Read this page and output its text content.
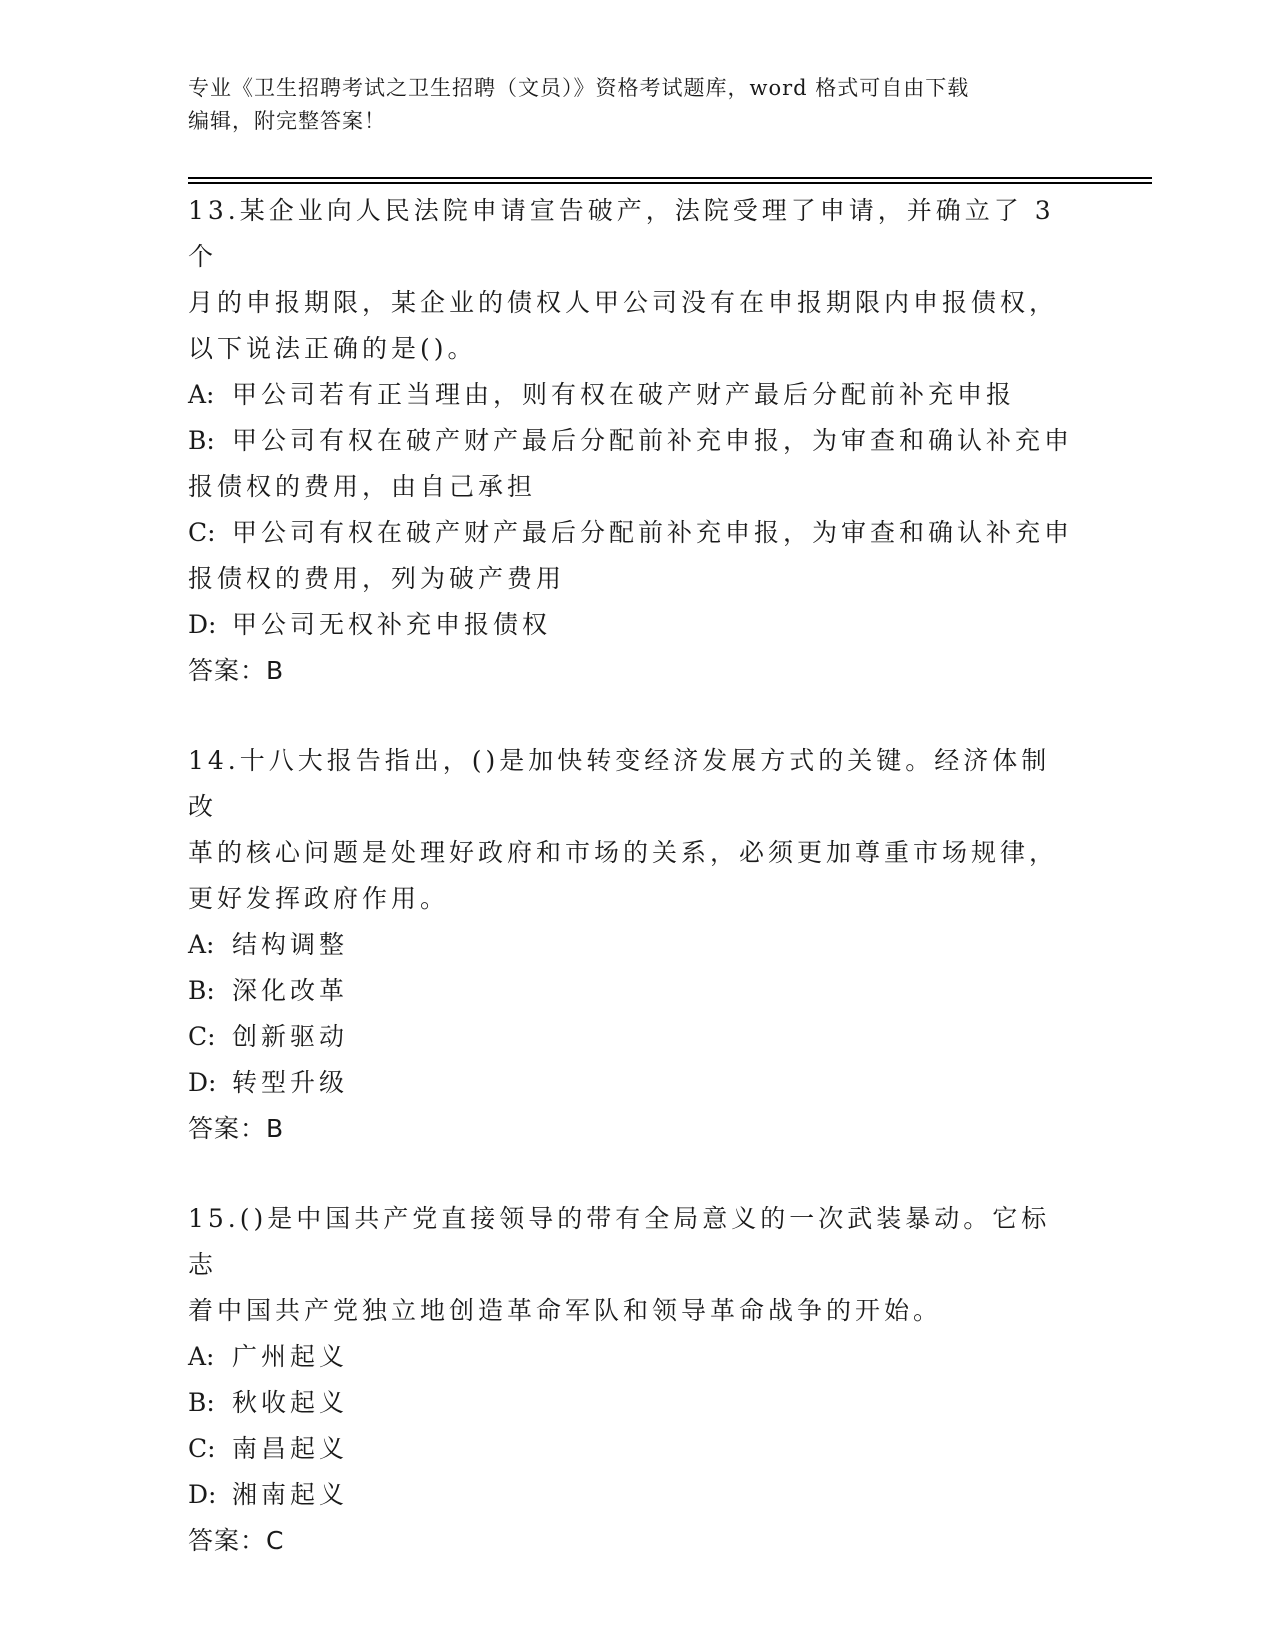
专业《卫生招聘考试之卫生招聘（文员）》资格考试题库，word 格式可自由下载
编辑，附完整答案！

13.某企业向人民法院申请宣告破产，法院受理了申请，并确立了 3 个
月的申报期限，某企业的债权人甲公司没有在申报期限内申报债权，
以下说法正确的是()。

A: 甲公司若有正当理由，则有权在破产财产最后分配前补充申报

B: 甲公司有权在破产财产最后分配前补充申报，为审查和确认补充申
报债权的费用，由自己承担

C: 甲公司有权在破产财产最后分配前补充申报，为审查和确认补充申
报债权的费用，列为破产费用

D: 甲公司无权补充申报债权

答案：B

14.十八大报告指出，()是加快转变经济发展方式的关键。经济体制改
革的核心问题是处理好政府和市场的关系，必须更加尊重市场规律，
更好发挥政府作用。

A: 结构调整

B: 深化改革

C: 创新驱动

D: 转型升级

答案：B

15.()是中国共产党直接领导的带有全局意义的一次武装暴动。它标志
着中国共产党独立地创造革命军队和领导革命战争的开始。

A: 广州起义

B: 秋收起义

C: 南昌起义

D: 湘南起义

答案：C
